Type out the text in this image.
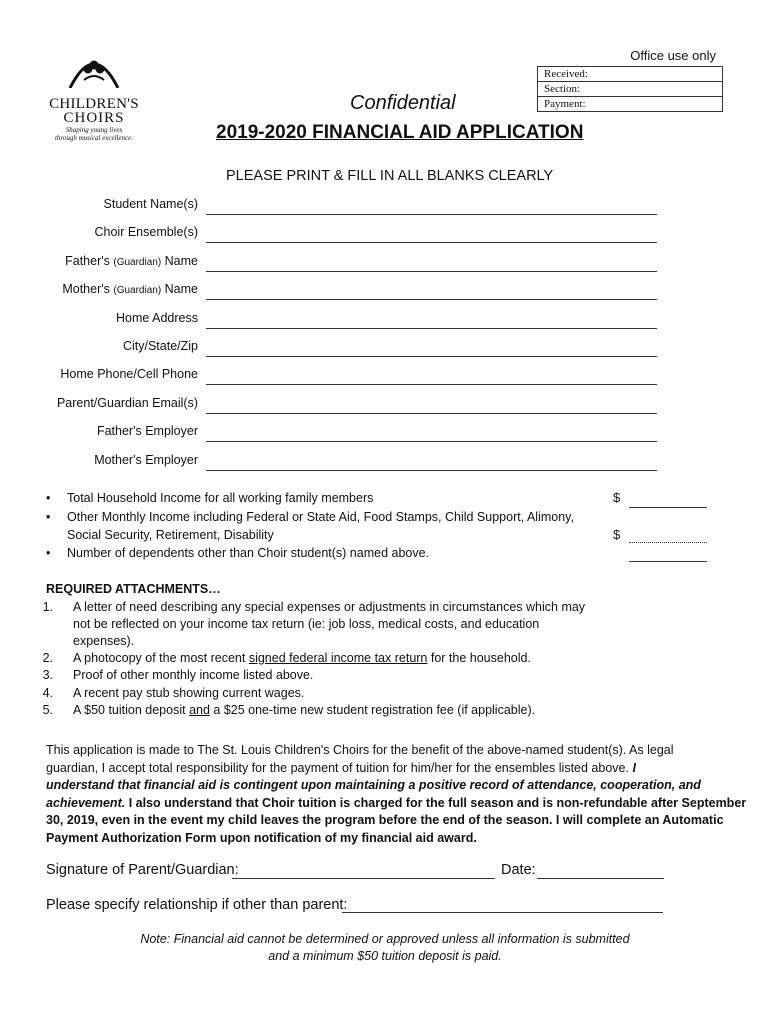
CHILDREN'S
CHOIRS
Shaping young lives
through musical excellence.
Office use only
Received:
Section:
Payment:
Confidential
2019-2020 FINANCIAL AID APPLICATION
PLEASE PRINT & FILL IN ALL BLANKS CLEARLY
Student Name(s)
Choir Ensemble(s)
Father's (Guardian) Name
Mother's (Guardian) Name
Home Address
City/State/Zip
Home Phone/Cell Phone
Parent/Guardian Email(s)
Father's Employer
Mother's Employer
• Total Household Income for all working family members	$
• Other Monthly Income including Federal or State Aid, Food Stamps, Child Support, Alimony,
Social Security, Retirement, Disability	$
• Number of dependents other than Choir student(s) named above.
REQUIRED ATTACHMENTS…
1. A letter of need describing any special expenses or adjustments in circumstances which may
not be reflected on your income tax return (ie: job loss, medical costs, and education
expenses).
2. A photocopy of the most recent signed federal income tax return for the household.
3. Proof of other monthly income listed above.
4. A recent pay stub showing current wages.
5. A $50 tuition deposit and a $25 one-time new student registration fee (if applicable).
This application is made to The St. Louis Children's Choirs for the benefit of the above-named student(s). As legal
guardian, I accept total responsibility for the payment of tuition for him/her for the ensembles listed above. I
understand that financial aid is contingent upon maintaining a positive record of attendance, cooperation, and
achievement. I also understand that Choir tuition is charged for the full season and is non-refundable after September
30, 2019, even in the event my child leaves the program before the end of the season. I will complete an Automatic
Payment Authorization Form upon notification of my financial aid award.
Signature of Parent/Guardian:	Date:
Please specify relationship if other than parent:
Note: Financial aid cannot be determined or approved unless all information is submitted
and a minimum $50 tuition deposit is paid.
